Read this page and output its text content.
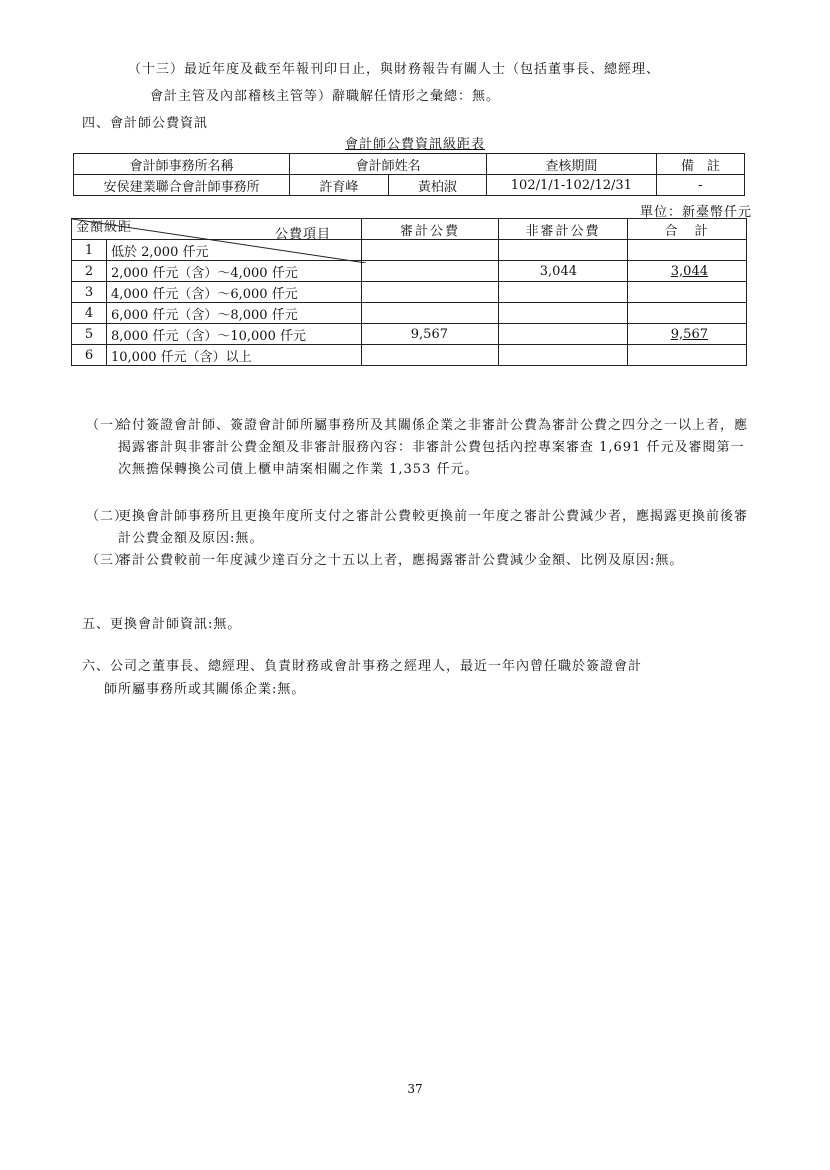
（十三）最近年度及截至年報刊印日止，與財務報告有關人士（包括董事長、總經理、
會計主管及內部稽核主管等）辭職解任情形之彙總：無。
四、會計師公費資訊
會計師公費資訊級距表
會計師事務所名稱	會計師姓名		查核期間	備　註
安侯建業聯合會計師事務所	許育峰	黃柏淑	102/1/1-102/12/31	-
單位：新臺幣仟元
公費項目
金額級距		審計公費	非審計公費	合　計
1	低於 2,000 仟元			
2	2,000 仟元（含）～4,000 仟元		3,044	3,044
3	4,000 仟元（含）～6,000 仟元			
4	6,000 仟元（含）～8,000 仟元			
5	8,000 仟元（含）～10,000 仟元	9,567		9,567
6	10,000 仟元（含）以上			
（一）
給付簽證會計師、簽證會計師所屬事務所及其關係企業之非審計公費為審計公費之四分之一以上者，應揭露審計與非審計公費金額及非審計服務內容：非審計公費包括內控專案審查 1,691 仟元及審閱第一次無擔保轉換公司債上櫃申請案相關之作業 1,353 仟元。
（二）
更換會計師事務所且更換年度所支付之審計公費較更換前一年度之審計公費減少者，應揭露更換前後審計公費金額及原因:無。
（三）
審計公費較前一年度減少達百分之十五以上者，應揭露審計公費減少金額、比例及原因:無。
五、更換會計師資訊:無。
六、公司之董事長、總經理、負責財務或會計事務之經理人，最近一年內曾任職於簽證會計
師所屬事務所或其關係企業:無。
37
